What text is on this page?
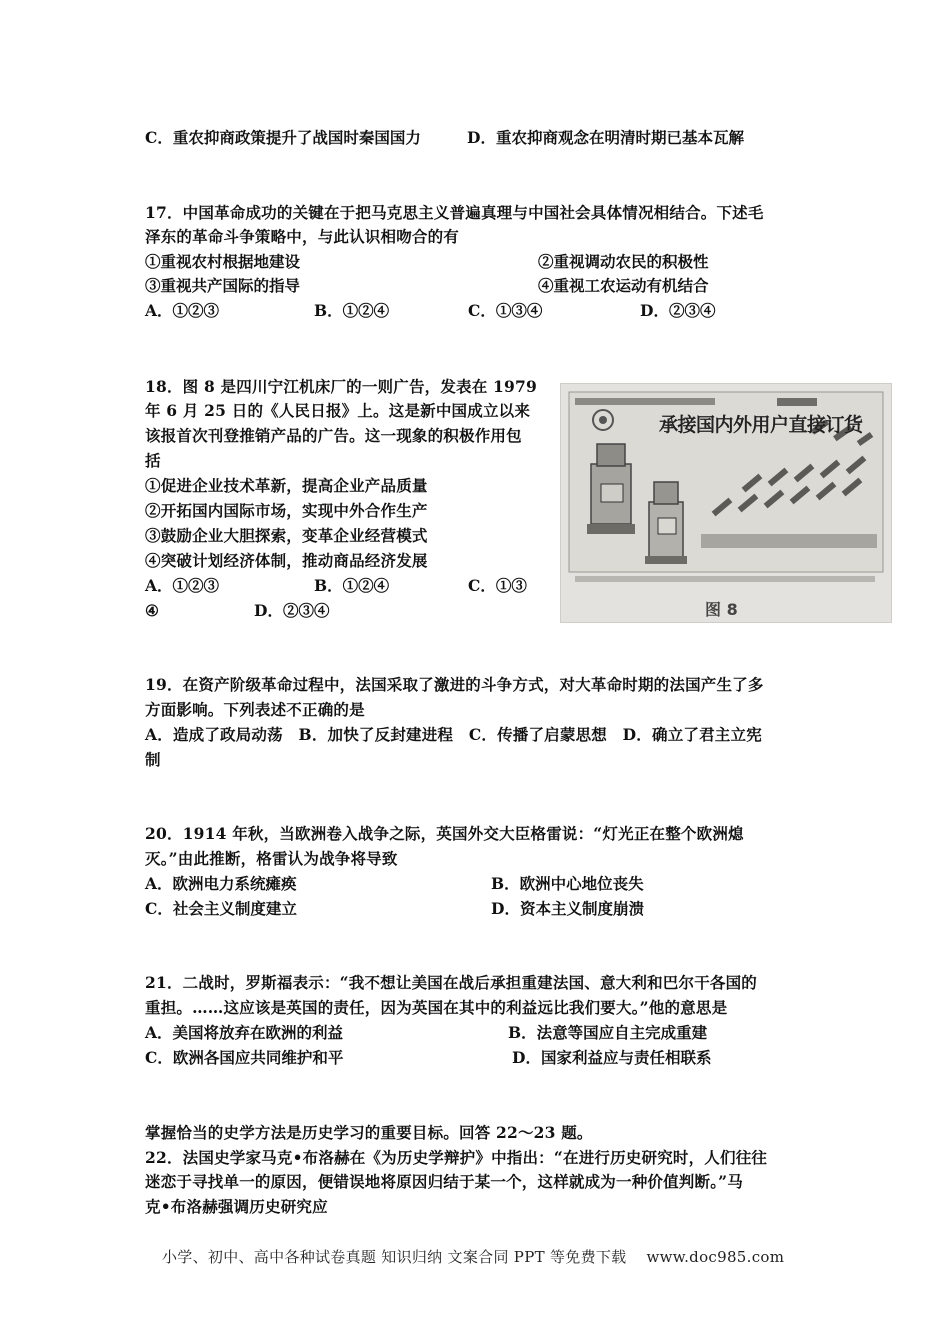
C．重农抑商政策提升了战国时秦国国力	D．重农抑商观念在明清时期已基本瓦解
17．中国革命成功的关键在于把马克思主义普遍真理与中国社会具体情况相结合。下述毛
泽东的革命斗争策略中，与此认识相吻合的有
①重视农村根据地建设	②重视调动农民的积极性
③重视共产国际的指导	④重视工农运动有机结合
A．①②③	B．①②④	C．①③④	D．②③④
18．图 8 是四川宁江机床厂的一则广告，发表在 1979
年 6 月 25 日的《人民日报》上。这是新中国成立以来
该报首次刊登推销产品的广告。这一现象的积极作用包
括
①促进企业技术革新，提高企业产品质量
②开拓国内国际市场，实现中外合作生产
③鼓励企业大胆探索，变革企业经营模式
④突破计划经济体制，推动商品经济发展
A．①②③	B．①②④	C．①③
④	D．②③④
承接国内外用户直接订货
图 8
19．在资产阶级革命过程中，法国采取了激进的斗争方式，对大革命时期的法国产生了多
方面影响。下列表述不正确的是
A．造成了政局动荡　B．加快了反封建进程　C．传播了启蒙思想　D．确立了君主立宪
制
20．1914 年秋，当欧洲卷入战争之际，英国外交大臣格雷说：“灯光正在整个欧洲熄
灭。”由此推断，格雷认为战争将导致
A．欧洲电力系统瘫痪	B．欧洲中心地位丧失
C．社会主义制度建立	D．资本主义制度崩溃
21．二战时，罗斯福表示：“我不想让美国在战后承担重建法国、意大利和巴尔干各国的
重担。……这应该是英国的责任，因为英国在其中的利益远比我们要大。”他的意思是
A．美国将放弃在欧洲的利益	B．法意等国应自主完成重建
C．欧洲各国应共同维护和平	D．国家利益应与责任相联系
掌握恰当的史学方法是历史学习的重要目标。回答 22～23 题。
22．法国史学家马克•布洛赫在《为历史学辩护》中指出：“在进行历史研究时，人们往往
迷恋于寻找单一的原因，便错误地将原因归结于某一个，这样就成为一种价值判断。”马
克•布洛赫强调历史研究应
小学、初中、高中各种试卷真题 知识归纳 文案合同 PPT 等免费下载 www.doc985.com
